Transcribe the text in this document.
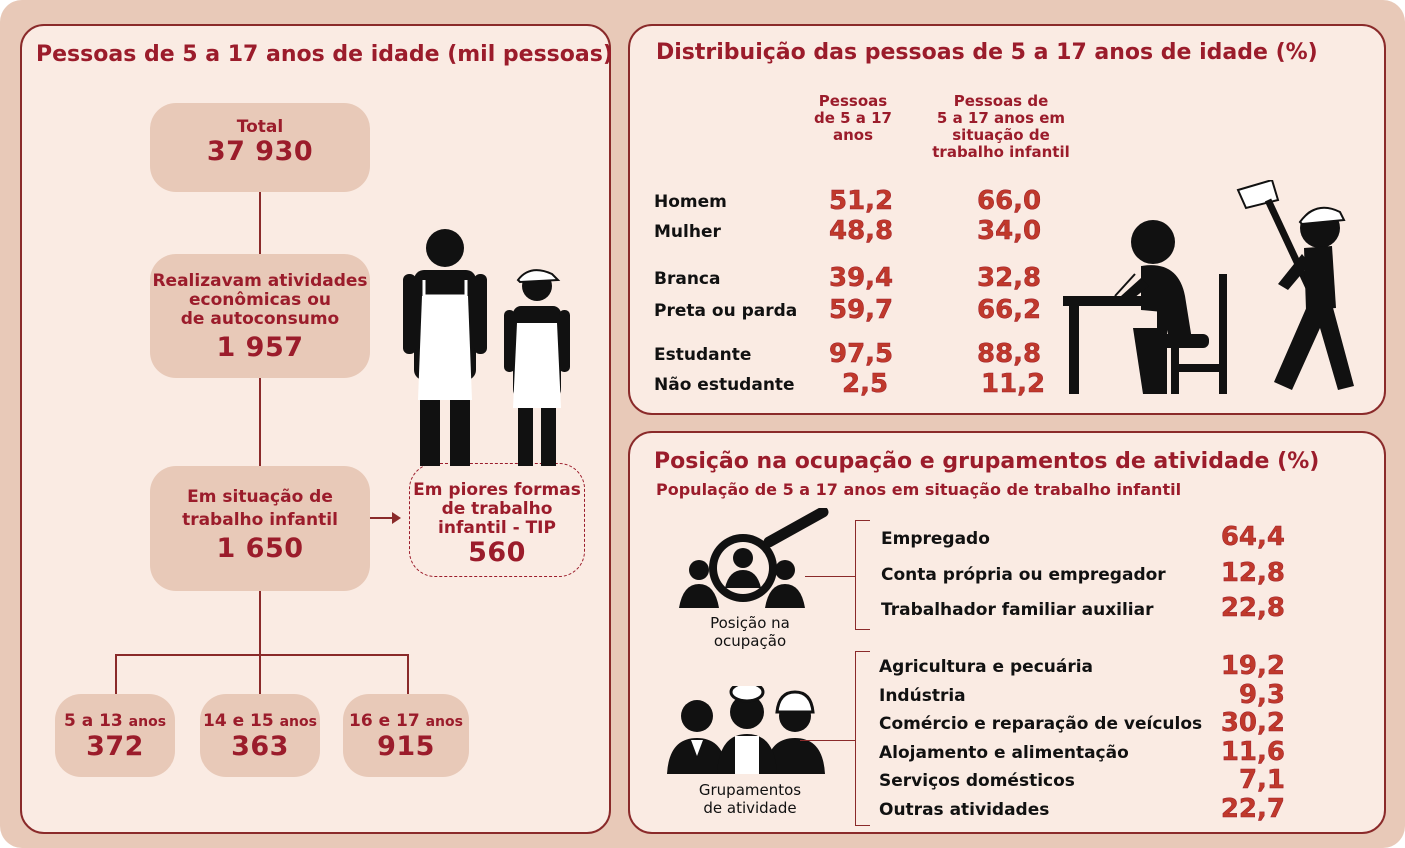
Pessoas de 5 a 17 anos de idade (mil pessoas)
Total
37 930
Realizavam atividades
econômicas ou
de autoconsumo
1 957
Em situação de
trabalho infantil
1 650
Em piores formas
de trabalho
infantil - TIP
560
5 a 13 anos
372
14 e 15 anos
363
16 e 17 anos
915
Distribuição das pessoas de 5 a 17 anos de idade (%)
Pessoas
de 5 a 17
anos
Pessoas de
5 a 17 anos em
situação de
trabalho infantil
Homem	51,2	66,0
Mulher	48,8	34,0
Branca	39,4	32,8
Preta ou parda 59,7	66,2
Estudante	97,5	88,8
Não estudante 2,5	11,2
Posição na ocupação e grupamentos de atividade (%)
População de 5 a 17 anos em situação de trabalho infantil
Posição na
ocupação
Grupamentos
de atividade
Empregado	64,4
Conta própria ou empregador 12,8
Trabalhador familiar auxiliar	22,8
Agricultura e pecuária	19,2
Indústria	9,3
Comércio e reparação de veículos 30,2
Alojamento e alimentação	11,6
Serviços domésticos	7,1
Outras atividades	22,7
